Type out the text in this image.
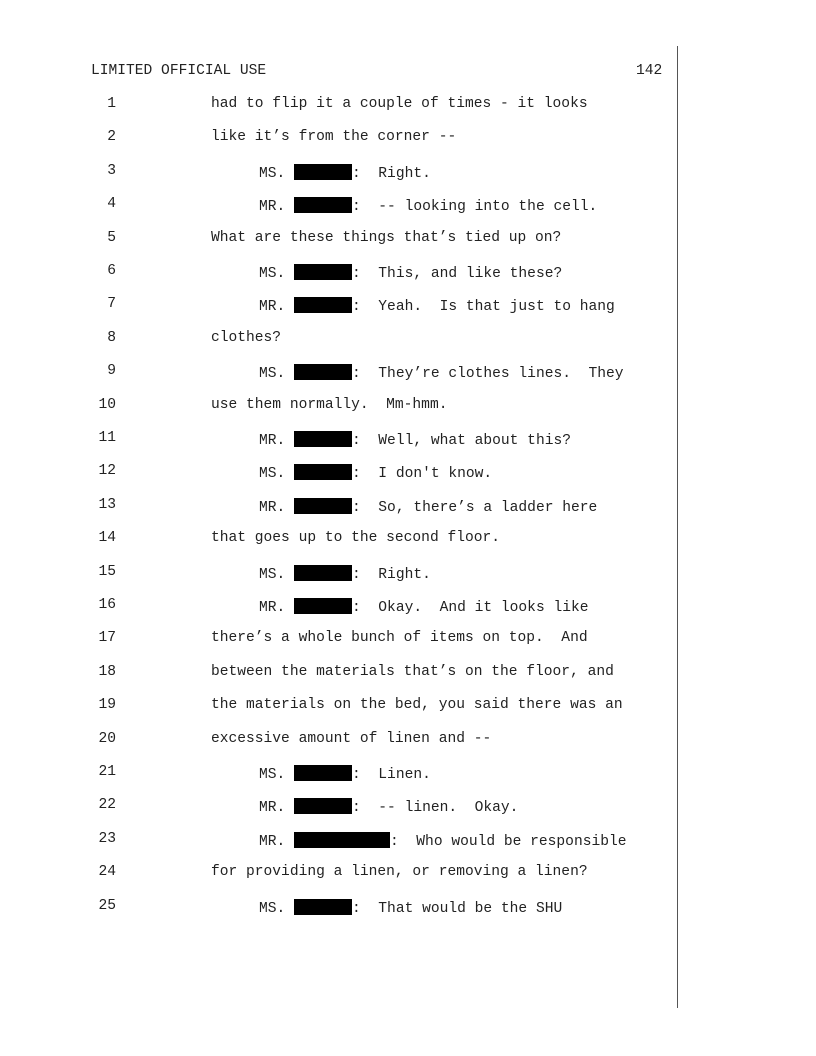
LIMITED OFFICIAL USE	142
1	had to flip it a couple of times - it looks
2	like it’s from the corner --
3	MS.	:  Right.
4	MR.	:  -- looking into the cell.
5	What are these things that’s tied up on?
6	MS.	:  This, and like these?
7	MR.	:  Yeah.  Is that just to hang
8	clothes?
9	MS.	:  They’re clothes lines.  They
10	use them normally.  Mm-hmm.
11	MR.	:  Well, what about this?
12	MS.	:  I don't know.
13	MR.	:  So, there’s a ladder here
14	that goes up to the second floor.
15	MS.	:  Right.
16	MR.	:  Okay.  And it looks like
17	there’s a whole bunch of items on top.  And
18	between the materials that’s on the floor, and
19	the materials on the bed, you said there was an
20	excessive amount of linen and --
21	MS.	:  Linen.
22	MR.	:  -- linen.  Okay.
23	MR.	:  Who would be responsible
24	for providing a linen, or removing a linen?
25	MS.	:  That would be the SHU
